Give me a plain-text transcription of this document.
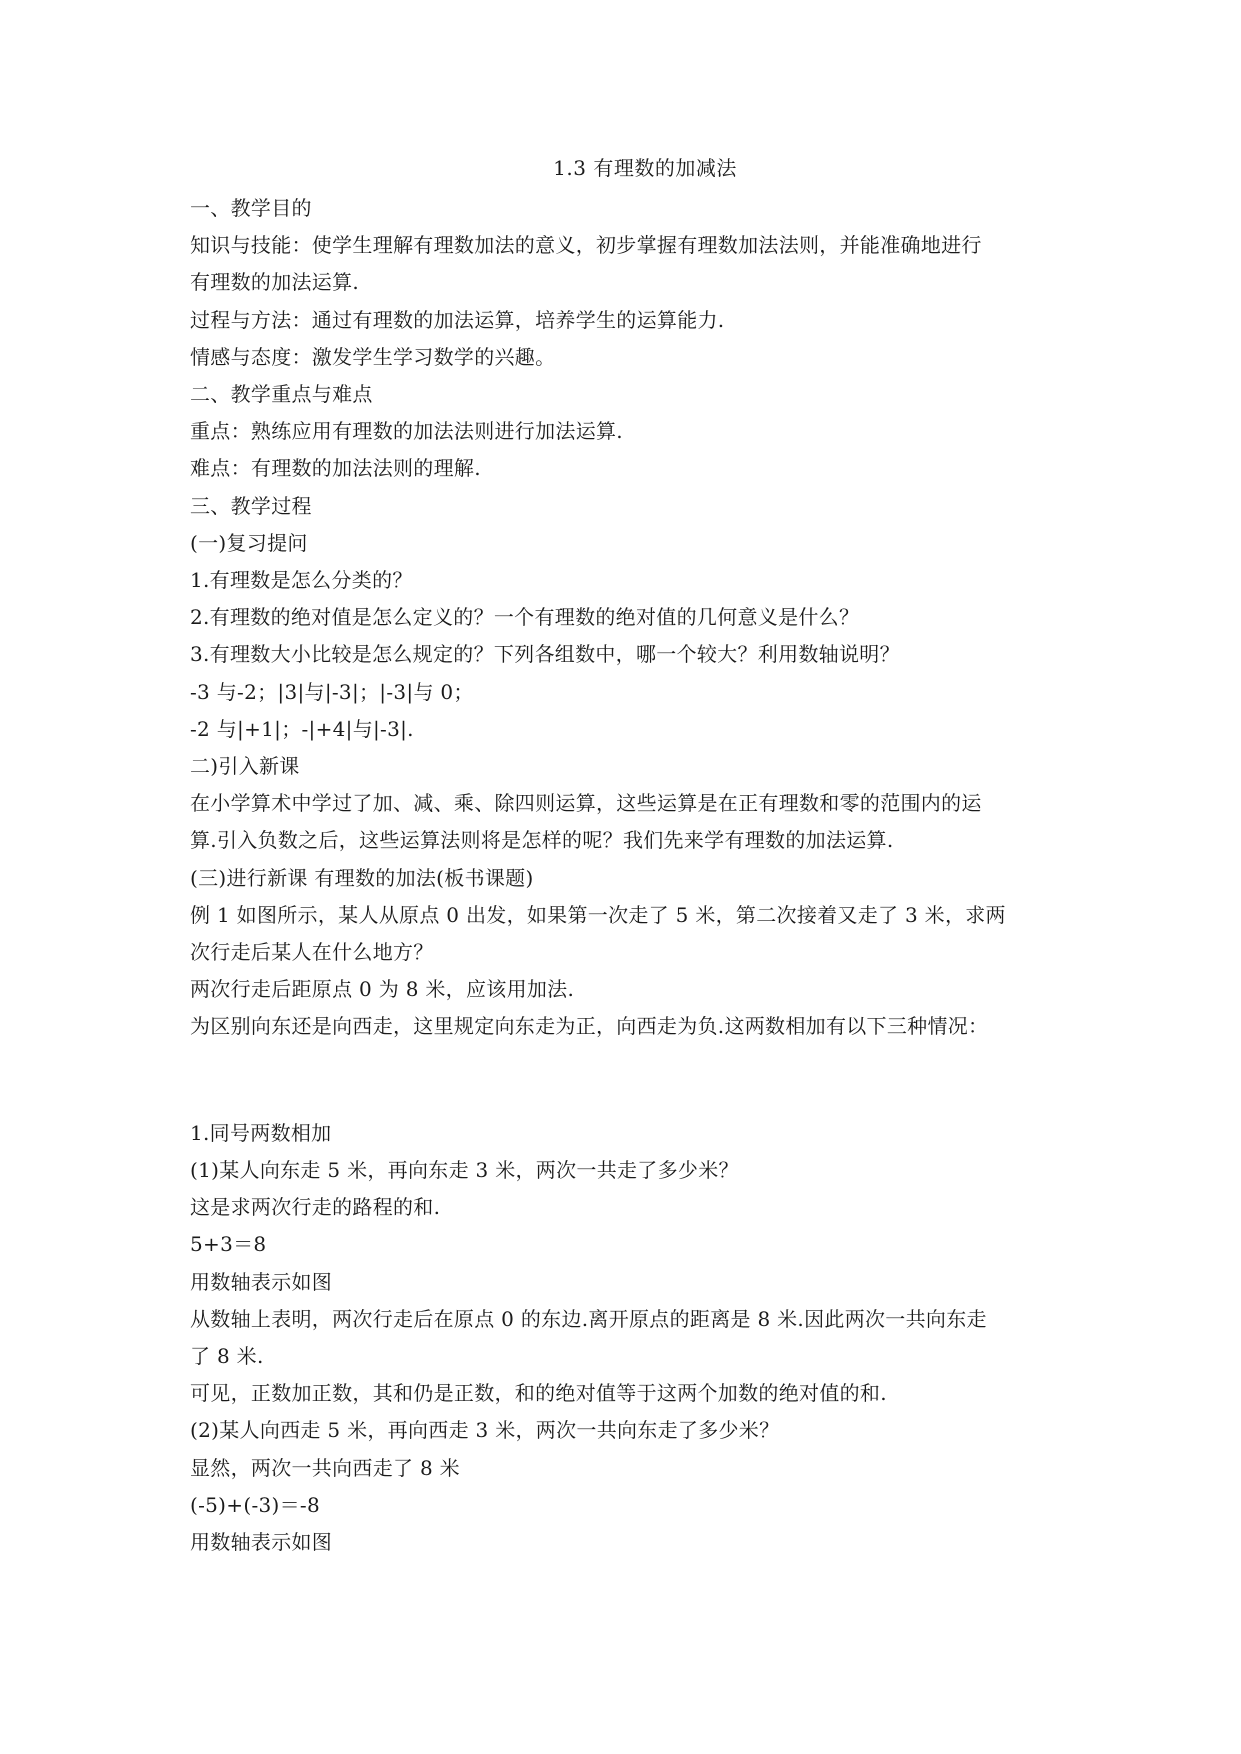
1.3 有理数的加减法

一、教学目的

知识与技能：使学生理解有理数加法的意义，初步掌握有理数加法法则，并能准确地进行

有理数的加法运算.

过程与方法：通过有理数的加法运算，培养学生的运算能力.

情感与态度：激发学生学习数学的兴趣。

二、教学重点与难点

重点：熟练应用有理数的加法法则进行加法运算.

难点：有理数的加法法则的理解.

三、教学过程

(一)复习提问

1.有理数是怎么分类的？

2.有理数的绝对值是怎么定义的？一个有理数的绝对值的几何意义是什么？

3.有理数大小比较是怎么规定的？下列各组数中，哪一个较大？利用数轴说明？

-3 与-2；|3|与|-3|；|-3|与 0；

-2 与|+1|；-|+4|与|-3|.

二)引入新课

在小学算术中学过了加、减、乘、除四则运算，这些运算是在正有理数和零的范围内的运

算.引入负数之后，这些运算法则将是怎样的呢？我们先来学有理数的加法运算.

(三)进行新课 有理数的加法(板书课题)

例 1 如图所示，某人从原点 0 出发，如果第一次走了 5 米，第二次接着又走了 3 米，求两

次行走后某人在什么地方？

两次行走后距原点 0 为 8 米，应该用加法.

为区别向东还是向西走，这里规定向东走为正，向西走为负.这两数相加有以下三种情况：

1.同号两数相加

(1)某人向东走 5 米，再向东走 3 米，两次一共走了多少米？

这是求两次行走的路程的和.

5+3＝8

用数轴表示如图

从数轴上表明，两次行走后在原点 0 的东边.离开原点的距离是 8 米.因此两次一共向东走

了 8 米.

可见，正数加正数，其和仍是正数，和的绝对值等于这两个加数的绝对值的和.

(2)某人向西走 5 米，再向西走 3 米，两次一共向东走了多少米？

显然，两次一共向西走了 8 米

(-5)+(-3)＝-8

用数轴表示如图
